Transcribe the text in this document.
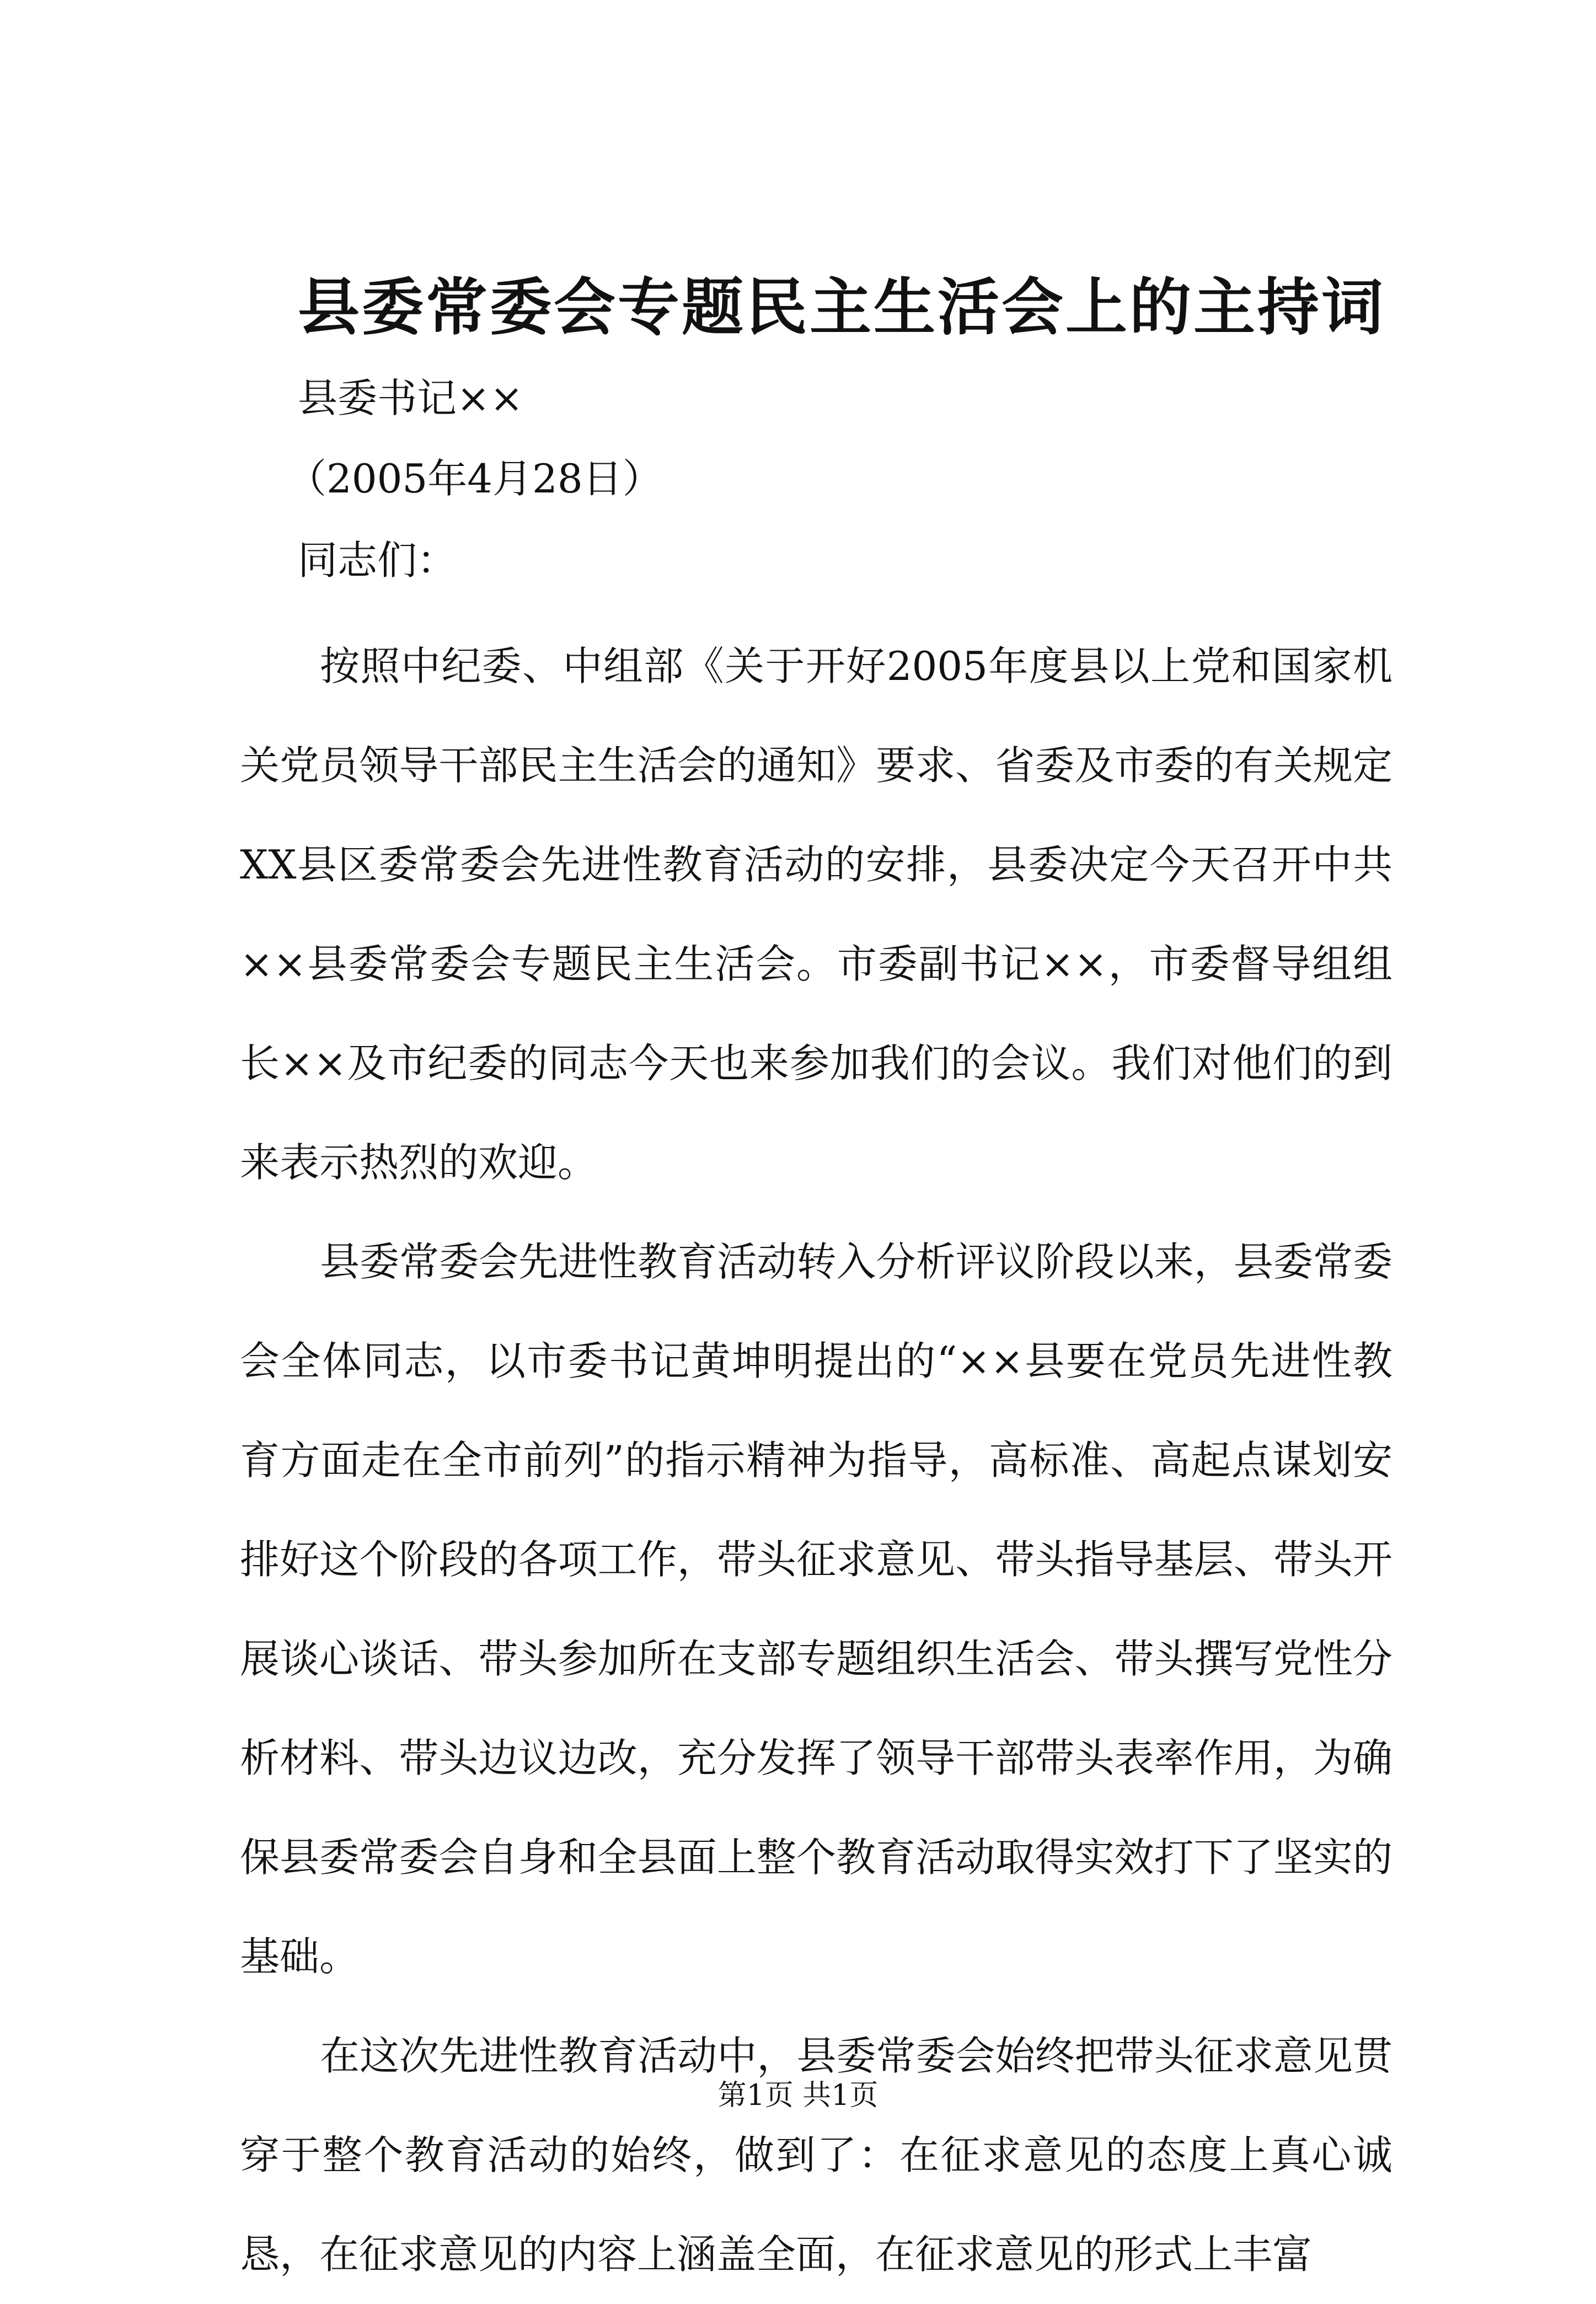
县委常委会专题民主生活会上的主持词
县委书记××
（2005年4月28日）
同志们：

按照中纪委、中组部《关于开好2005年度县以上党和国家机关党员领导干部民主生活会的通知》要求、省委及市委的有关规定XX县区委常委会先进性教育活动的安排，县委决定今天召开中共××县委常委会专题民主生活会。市委副书记××，市委督导组组长××及市纪委的同志今天也来参加我们的会议。我们对他们的到来表示热烈的欢迎。

县委常委会先进性教育活动转入分析评议阶段以来，县委常委会全体同志，以市委书记黄坤明提出的“××县要在党员先进性教育方面走在全市前列”的指示精神为指导，高标准、高起点谋划安排好这个阶段的各项工作，带头征求意见、带头指导基层、带头开展谈心谈话、带头参加所在支部专题组织生活会、带头撰写党性分析材料、带头边议边改，充分发挥了领导干部带头表率作用，为确保县委常委会自身和全县面上整个教育活动取得实效打下了坚实的基础。

在这次先进性教育活动中，县委常委会始终把带头征求意见贯穿于整个教育活动的始终，做到了：在征求意见的态度上真心诚恳，在征求意见的内容上涵盖全面，在征求意见的形式上丰富

第1页 共1页
